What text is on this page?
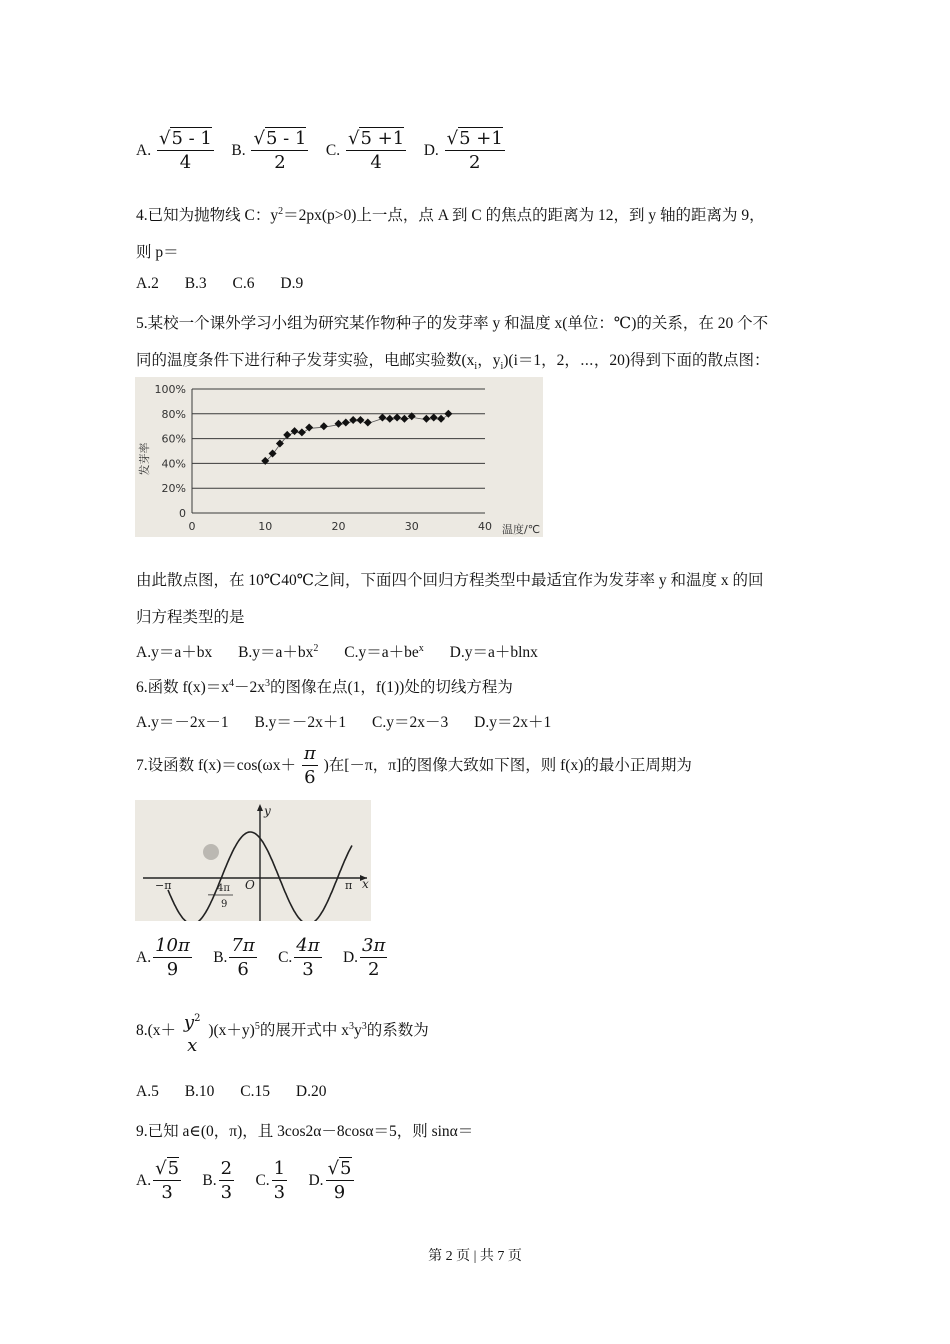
A. $\frac{√5 - 1}{4} B$. $\frac{√5 - 1}{2} C$. $\frac{√5 +1}{4} D$. $\frac{√5 +1}{2}$
4.已知为抛物线 C：$y^2=2px(p>0)$上一点，点 A 到 C 的焦点的距离为 12，到 y 轴的距离为 9，
则 p＝
A.2 B.3 C.6 D.9
5.某校一个课外学习小组为研究某作物种子的发芽率 y 和温度 x(单位：℃)的关系，在 20 个不
同的温度条件下进行种子发芽实验，电邮实验数($x_i$，$y_i)(i=1$，2，⋯，20)得到下面的散点图：
发芽率
温度/℃
0
20%
40%
60%
80%
100%
0	10	20	30	40
由此散点图，在 10℃40℃之间，下面四个回归方程类型中最适宜作为发芽率 y 和温度 x 的回
归方程类型的是
A.y＝a＋bx $B.y=a+bx^2$ $C.y=a+be^x$ D.y＝a＋blnx
6.函数 $f(x)=x^4-2x^3$的图像在点(1，f(1))处的切线方程为
A.y＝－2x－1 B.y＝－2x＋1 C.y＝2x－3 D.y＝2x＋1
7.设函数 $f(x)=\cos(\omega x+ \frac{\pi}{6}$ )在[－π，π]的图像大致如下图，则 f(x)的最小正周期为
y
x
O
−π	π
4π
−
9
A. $\frac{10\pi}{9} B$. $\frac{7\pi}{6} C$. $\frac{4\pi}{3} D$. $\frac{3\pi}{2}$
$8.(x+ y^2$
x
)$(x+y)^5$的展开式中 $x^3y^3$的系数为
A.5 B.10 C.15 D.20
9.已知 a∈(0，π)，且 3cos2α－8cosα＝5，则 sinα＝
A. $\frac{√5}{3} B$. $\frac{2}{3} C$. $\frac{1}{3} D$. $\frac{√5}{9}$
第 2 页 | 共 7 页
